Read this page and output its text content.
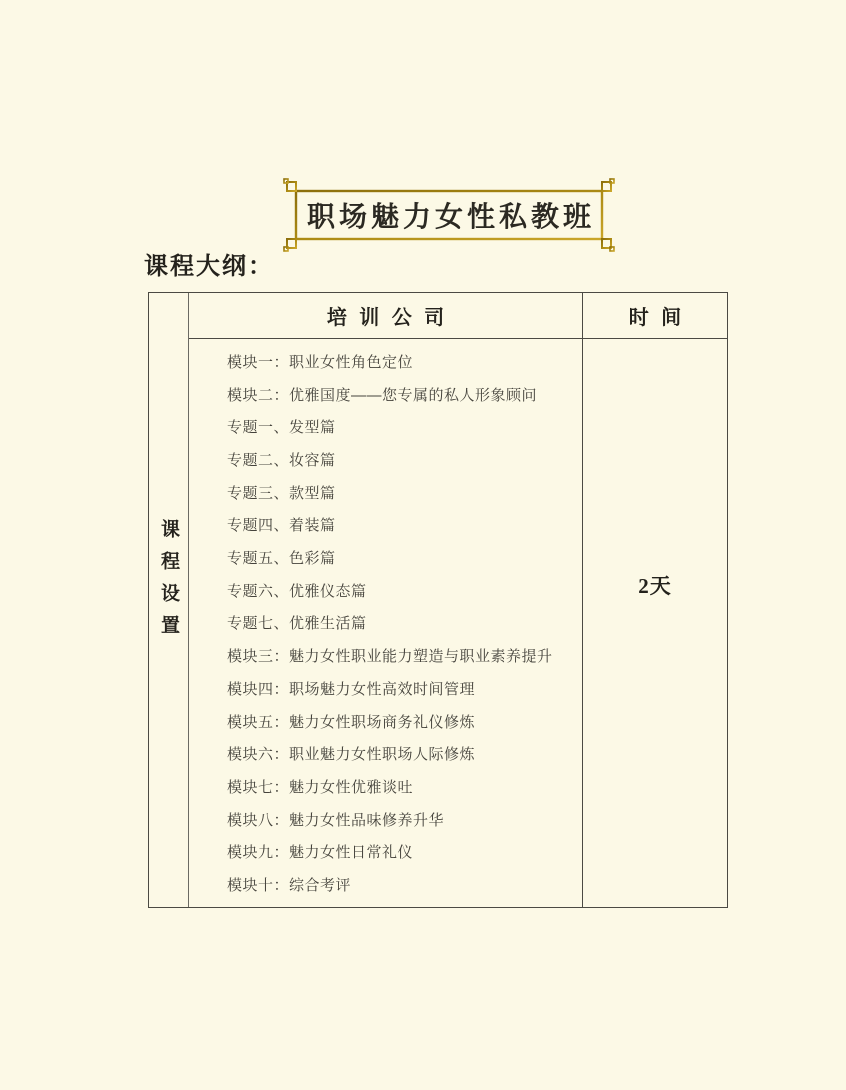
职场魅力女性私教班
课程大纲：
课程设置
培训公司	时间
模块一：职业女性角色定位
模块二：优雅国度——您专属的私人形象顾问
专题一、发型篇
专题二、妆容篇
专题三、款型篇
专题四、着装篇
专题五、色彩篇
专题六、优雅仪态篇
专题七、优雅生活篇
模块三：魅力女性职业能力塑造与职业素养提升
模块四：职场魅力女性高效时间管理
模块五：魅力女性职场商务礼仪修炼
模块六：职业魅力女性职场人际修炼
模块七：魅力女性优雅谈吐
模块八：魅力女性品味修养升华
模块九：魅力女性日常礼仪
模块十：综合考评
2天
